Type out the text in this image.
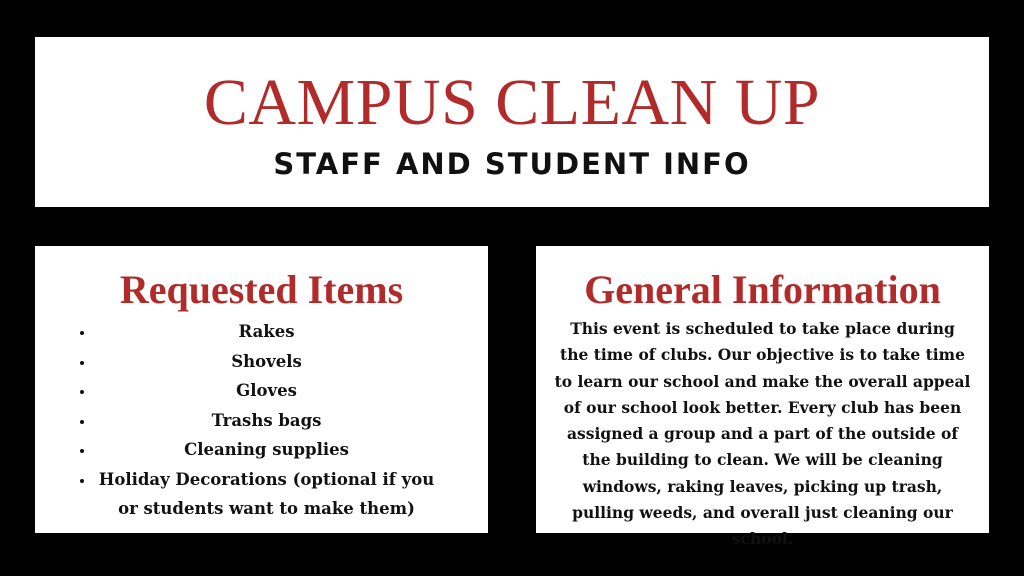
CAMPUS CLEAN UP
STAFF AND STUDENT INFO
Requested Items
• Rakes
• Shovels
• Gloves
• Trashs bags
• Cleaning supplies
• Holiday Decorations (optional if you or students want to make them)
General Information

This event is scheduled to take place during the time of clubs. Our objective is to take time to learn our school and make the overall appeal of our school look better. Every club has been assigned a group and a part of the outside of the building to clean. We will be cleaning windows, raking leaves, picking up trash, pulling weeds, and overall just cleaning our school.
